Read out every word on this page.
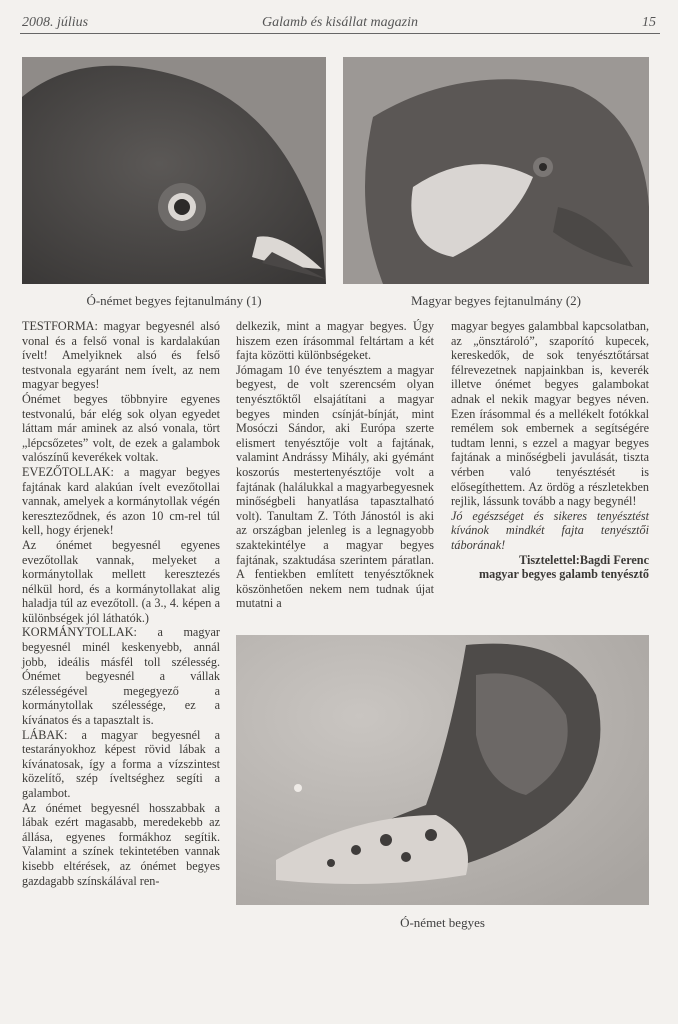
2008. július	Galamb és kisállat magazin	15
Ó-német begyes fejtanulmány (1)	Magyar begyes fejtanulmány (2)

TESTFORMA: magyar begyesnél alsó vonal és a felső vonal is kardalakúan ívelt! Amelyiknek alsó és felső testvonala egyaránt nem ívelt, az nem magyar begyes!

Ónémet begyes többnyire egyenes testvonalú, bár elég sok olyan egyedet láttam már aminek az alsó vonala, tört „lépcsőzetes” volt, de ezek a galambok valószínű keverékek voltak.

EVEZŐTOLLAK: a magyar begyes fajtának kard alakúan ívelt evezőtollai vannak, amelyek a kormánytollak végén kereszteződnek, és azon 10 cm-rel túl kell, hogy érjenek!

Az ónémet begyesnél egyenes evezőtollak vannak, melyeket a kormánytollak mellett keresztezés nélkül hord, és a kormánytollakat alig haladja túl az evezőtoll. (a 3., 4. képen a különbségek jól láthatók.)

KORMÁNYTOLLAK: a magyar begyesnél minél keskenyebb, annál jobb, ideális másfél toll szélesség. Ónémet begyesnél a vállak szélességével megegyező a kormánytollak szélessége, ez a kívánatos és a tapasztalt is.

LÁBAK: a magyar begyesnél a testarányokhoz képest rövid lábak a kívánatosak, így a forma a vízszintest közelítő, szép íveltséghez segíti a galambot.

Az ónémet begyesnél hosszabbak a lábak ezért magasabb, meredekebb az állása, egyenes formákhoz segítik. Valamint a színek tekintetében vannak kisebb eltérések, az ónémet begyes gazdagabb színskálával ren-

delkezik, mint a magyar begyes. Úgy hiszem ezen írásommal feltártam a két fajta közötti különbségeket.

Jómagam 10 éve tenyésztem a magyar begyest, de volt szerencsém olyan tenyésztőktől elsajátítani a magyar begyes minden csínját-bínját, mint Mosóczi Sándor, aki Európa szerte elismert tenyésztője volt a fajtának, valamint Andrássy Mihály, aki gyémánt koszorús mestertenyésztője volt a fajtának (halálukkal a magyarbegyesnek minőségbeli hanyatlása tapasztalható volt). Tanultam Z. Tóth Jánostól is aki az országban jelenleg is a legnagyobb szaktekintélye a magyar begyes fajtának, szaktudása szerintem páratlan. A fentiekben említett tenyésztőknek köszönhetően nekem nem tudnak újat mutatni a

magyar begyes galambbal kapcsolatban, az „önsztároló”, szaporító kupecek, kereskedők, de sok tenyésztőtársat félrevezetnek napjainkban is, keverék illetve ónémet begyes galambokat adnak el nekik magyar begyes néven. Ezen írásommal és a mellékelt fotókkal remélem sok embernek a segítségére tudtam lenni, s ezzel a magyar begyes fajtának a minőségbeli javulását, tiszta vérben való tenyésztését is elősegíthettem. Az ördög a részletekben rejlik, lássunk tovább a nagy begynél!

Jó egészséget és sikeres tenyésztést kívánok mindkét fajta tenyésztői táborának!

Tisztelettel:Bagdi Ferenc

magyar begyes galamb tenyésztő

Ó-német begyes
